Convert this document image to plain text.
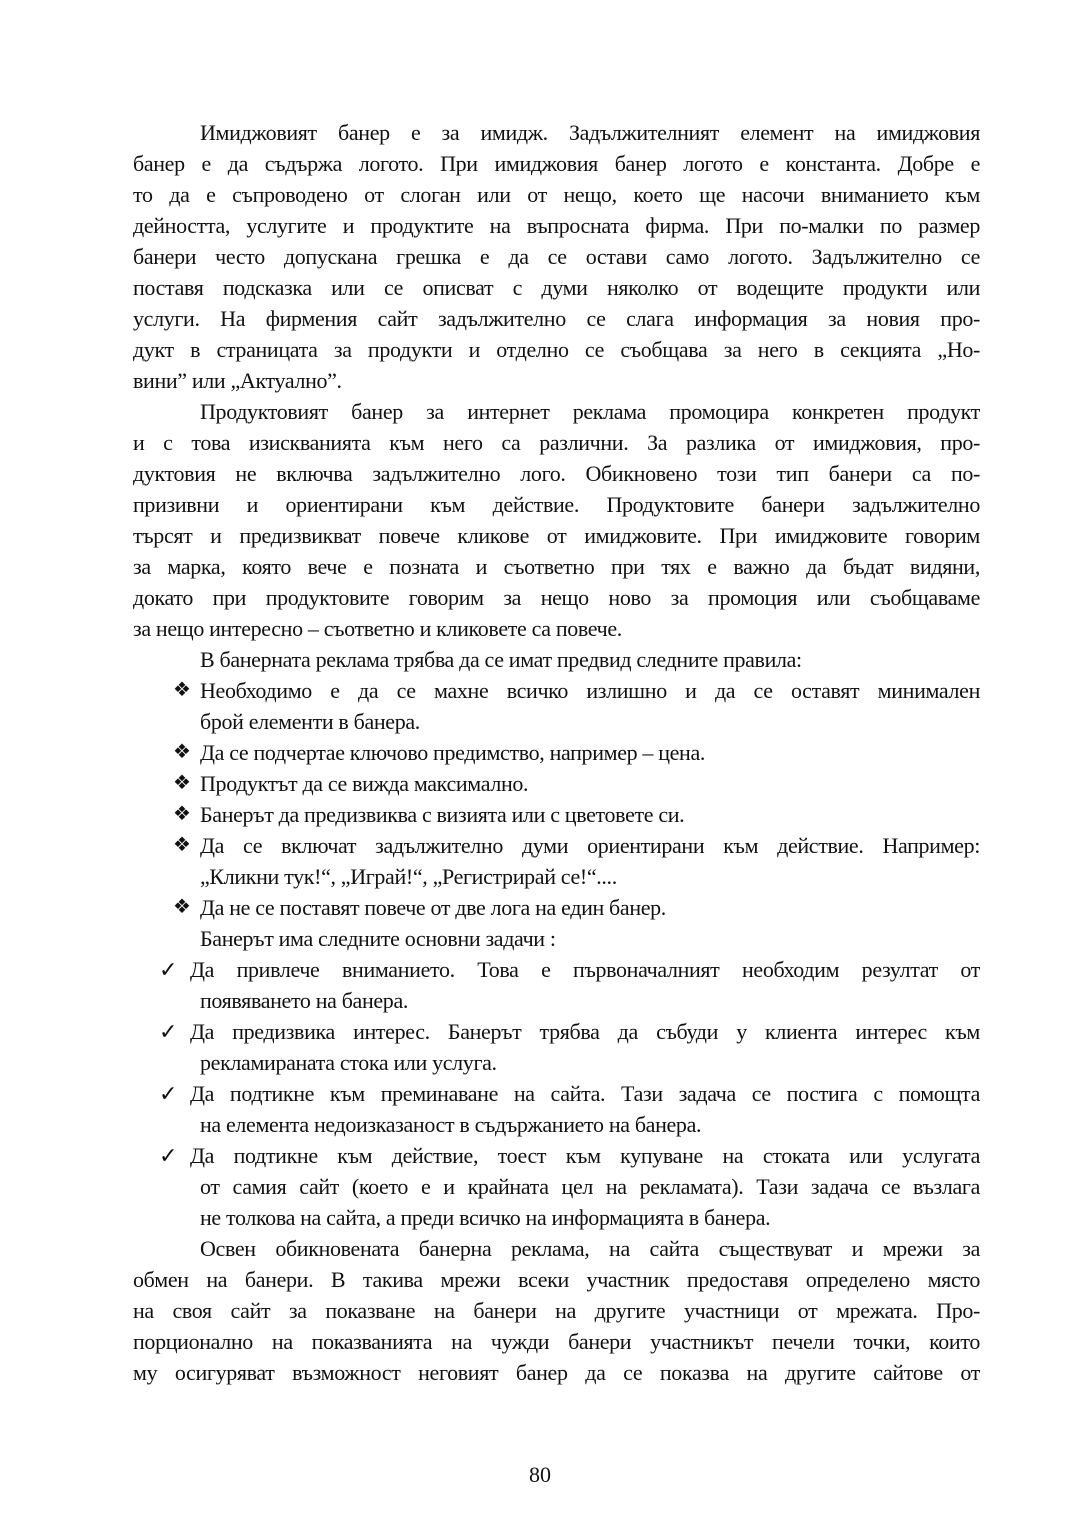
Имиджовият банер е за имидж. Задължителният елемент на имиджовия
банер е да съдържа логото. При имиджовия банер логото е константа. Добре е
то да е съпроводено от слоган или от нещо, което ще насочи вниманието към
дейността, услугите и продуктите на въпросната фирма. При по-малки по размер
банери често допускана грешка е да се остави само логото. Задължително се
поставя подсказка или се описват с думи няколко от водещите продукти или
услуги. На фирмения сайт задължително се слага информация за новия про-
дукт в страницата за продукти и отделно се съобщава за него в секцията „Но-
вини” или „Актуално”.
Продуктовият банер за интернет реклама промоцира конкретен продукт
и с това изискванията към него са различни. За разлика от имиджовия, про-
дуктовия не включва задължително лого. Обикновено този тип банери са по-
призивни и ориентирани към действие. Продуктовите банери задължително
търсят и предизвикват повече кликове от имиджовите. При имиджовите говорим
за марка, която вече е позната и съответно при тях е важно да бъдат видяни,
докато при продуктовите говорим за нещо ново за промоция или съобщаваме
за нещо интересно – съответно и кликовете са повече.
В банерната реклама трябва да се имат предвид следните правила:
Необходимо е да се махне всичко излишно и да се оставят минимален
❖
брой елементи в банера.
Да се подчертае ключово предимство, например – цена.
❖
Продуктът да се вижда максимално.
❖
Банерът да предизвиква с визията или с цветовете си.
❖
Да се включат задължително думи ориентирани към действие. Например:
❖
„Кликни тук!“, „Играй!“, „Регистрирай се!“....
Да не се поставят повече от две лога на един банер.
❖
Банерът има следните основни задачи :
Да привлече вниманието. Това е първоначалният необходим резултат от
✓
появяването на банера.
Да предизвика интерес. Банерът трябва да събуди у клиента интерес към
✓
рекламираната стока или услуга.
Да подтикне към преминаване на сайта. Тази задача се постига с помощта
✓
на елемента недоизказаност в съдържанието на банера.
Да подтикне към действие, тоест към купуване на стоката или услугата
✓
от самия сайт (което е и крайната цел на рекламата). Тази задача се възлага
не толкова на сайта, а преди всичко на информацията в банера.
Освен обикновената банерна реклама, на сайта съществуват и мрежи за
обмен на банери. В такива мрежи всеки участник предоставя определено място
на своя сайт за показване на банери на другите участници от мрежата. Про-
порционално на показванията на чужди банери участникът печели точки, които
му осигуряват възможност неговият банер да се показва на другите сайтове от
80
